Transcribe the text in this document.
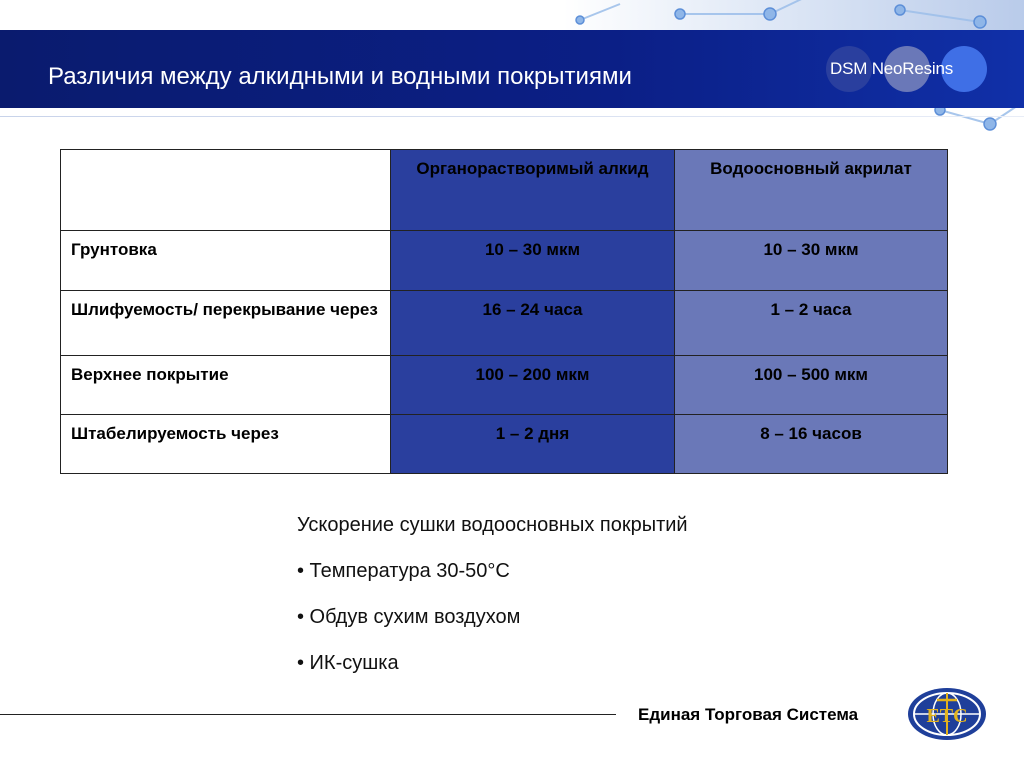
Различия между алкидными и водными покрытиями	DSM NeoResins
	Органорастворимый алкид	Водоосновный акрилат
Грунтовка	10 – 30 мкм	10 – 30 мкм
Шлифуемость/ перекрывание через	16 – 24 часа	1 – 2 часа
Верхнее покрытие	100 – 200 мкм	100 – 500 мкм
Штабелируемость через	1 – 2 дня	8 – 16 часов
Ускорение сушки водоосновных покрытий
• Температура 30-50°C
• Обдув сухим воздухом
• ИК-сушка
Единая Торговая Система	ETC
